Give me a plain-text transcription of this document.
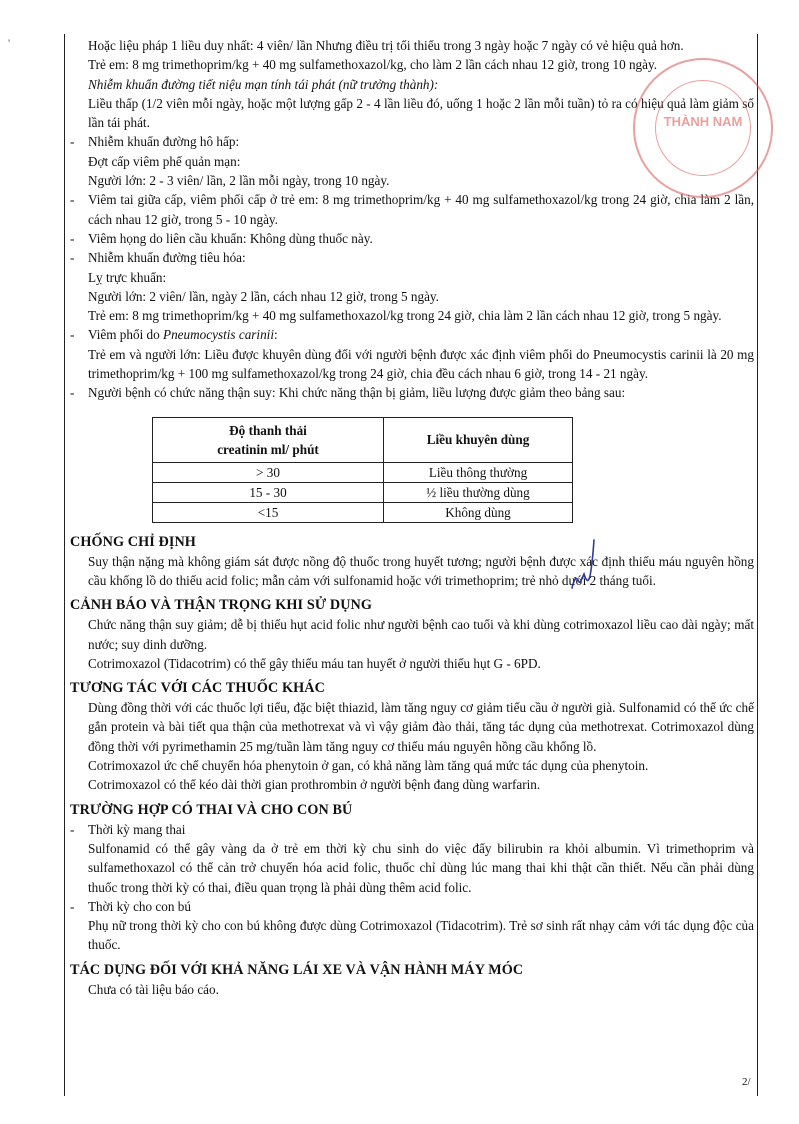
'	Hoặc liệu pháp 1 liều duy nhất: 4 viên/ lần Nhưng điều trị tối thiểu trong 3 ngày hoặc 7 ngày có vẻ hiệu quả hơn.

Trẻ em: 8 mg trimethoprim/kg + 40 mg sulfamethoxazol/kg, cho làm 2 lần cách nhau 12 giờ, trong 10 ngày.

Nhiễm khuẩn đường tiết niệu mạn tính tái phát (nữ trưởng thành):

Liều thấp (1/2 viên mỗi ngày, hoặc một lượng gấp 2 - 4 lần liều đó, uống 1 hoặc 2 lần mỗi tuần) tỏ ra có hiệu quả làm giảm số lần tái phát.

- Nhiễm khuẩn đường hô hấp:

Đợt cấp viêm phế quản mạn:

Người lớn: 2 - 3 viên/ lần, 2 lần mỗi ngày, trong 10 ngày.

- Viêm tai giữa cấp, viêm phổi cấp ở trẻ em: 8 mg trimethoprim/kg + 40 mg sulfamethoxazol/kg trong 24 giờ, chia làm 2 lần, cách nhau 12 giờ, trong 5 - 10 ngày.

- Viêm họng do liên cầu khuẩn: Không dùng thuốc này.

- Nhiễm khuẩn đường tiêu hóa:

Lỵ trực khuẩn:

Người lớn: 2 viên/ lần, ngày 2 lần, cách nhau 12 giờ, trong 5 ngày.

Trẻ em: 8 mg trimethoprim/kg + 40 mg sulfamethoxazol/kg trong 24 giờ, chia làm 2 lần cách nhau 12 giờ, trong 5 ngày.

- Viêm phổi do Pneumocystis carinii:

Trẻ em và người lớn: Liều được khuyên dùng đối với người bệnh được xác định viêm phổi do Pneumocystis carinii là 20 mg trimethoprim/kg + 100 mg sulfamethoxazol/kg trong 24 giờ, chia đều cách nhau 6 giờ, trong 14 - 21 ngày.

- Người bệnh có chức năng thận suy: Khi chức năng thận bị giảm, liều lượng được giảm theo bảng sau:

Độ thanh thải
creatinin ml/ phút	Liều khuyên dùng
> 30	Liều thông thường
15 - 30	½ liều thường dùng
<15	Không dùng

CHỐNG CHỈ ĐỊNH

Suy thận nặng mà không giám sát được nồng độ thuốc trong huyết tương; người bệnh được xác định thiếu máu nguyên hồng cầu khổng lồ do thiếu acid folic; mẫn cảm với sulfonamid hoặc với trimethoprim; trẻ nhỏ dưới 2 tháng tuổi.

CẢNH BÁO VÀ THẬN TRỌNG KHI SỬ DỤNG

Chức năng thận suy giảm; dễ bị thiếu hụt acid folic như người bệnh cao tuổi và khi dùng cotrimoxazol liều cao dài ngày; mất nước; suy dinh dưỡng.

Cotrimoxazol (Tidacotrim) có thể gây thiếu máu tan huyết ở người thiếu hụt G - 6PD.

TƯƠNG TÁC VỚI CÁC THUỐC KHÁC

Dùng đồng thời với các thuốc lợi tiểu, đặc biệt thiazid, làm tăng nguy cơ giảm tiểu cầu ở người già. Sulfonamid có thể ức chế gắn protein và bài tiết qua thận của methotrexat và vì vậy giảm đào thải, tăng tác dụng của methotrexat. Cotrimoxazol dùng đồng thời với pyrimethamin 25 mg/tuần làm tăng nguy cơ thiếu máu nguyên hồng cầu khổng lồ.

Cotrimoxazol ức chế chuyển hóa phenytoin ở gan, có khả năng làm tăng quá mức tác dụng của phenytoin.

Cotrimoxazol có thể kéo dài thời gian prothrombin ở người bệnh đang dùng warfarin.

TRƯỜNG HỢP CÓ THAI VÀ CHO CON BÚ

- Thời kỳ mang thai

Sulfonamid có thể gây vàng da ở trẻ em thời kỳ chu sinh do việc đẩy bilirubin ra khỏi albumin. Vì trimethoprim và sulfamethoxazol có thể cản trở chuyển hóa acid folic, thuốc chỉ dùng lúc mang thai khi thật cần thiết. Nếu cần phải dùng thuốc trong thời kỳ có thai, điều quan trọng là phải dùng thêm acid folic.

- Thời kỳ cho con bú

Phụ nữ trong thời kỳ cho con bú không được dùng Cotrimoxazol (Tidacotrim). Trẻ sơ sinh rất nhạy cảm với tác dụng độc của thuốc.

TÁC DỤNG ĐỐI VỚI KHẢ NĂNG LÁI XE VÀ VẬN HÀNH MÁY MÓC

Chưa có tài liệu báo cáo.

THÀNH NAM
2/
